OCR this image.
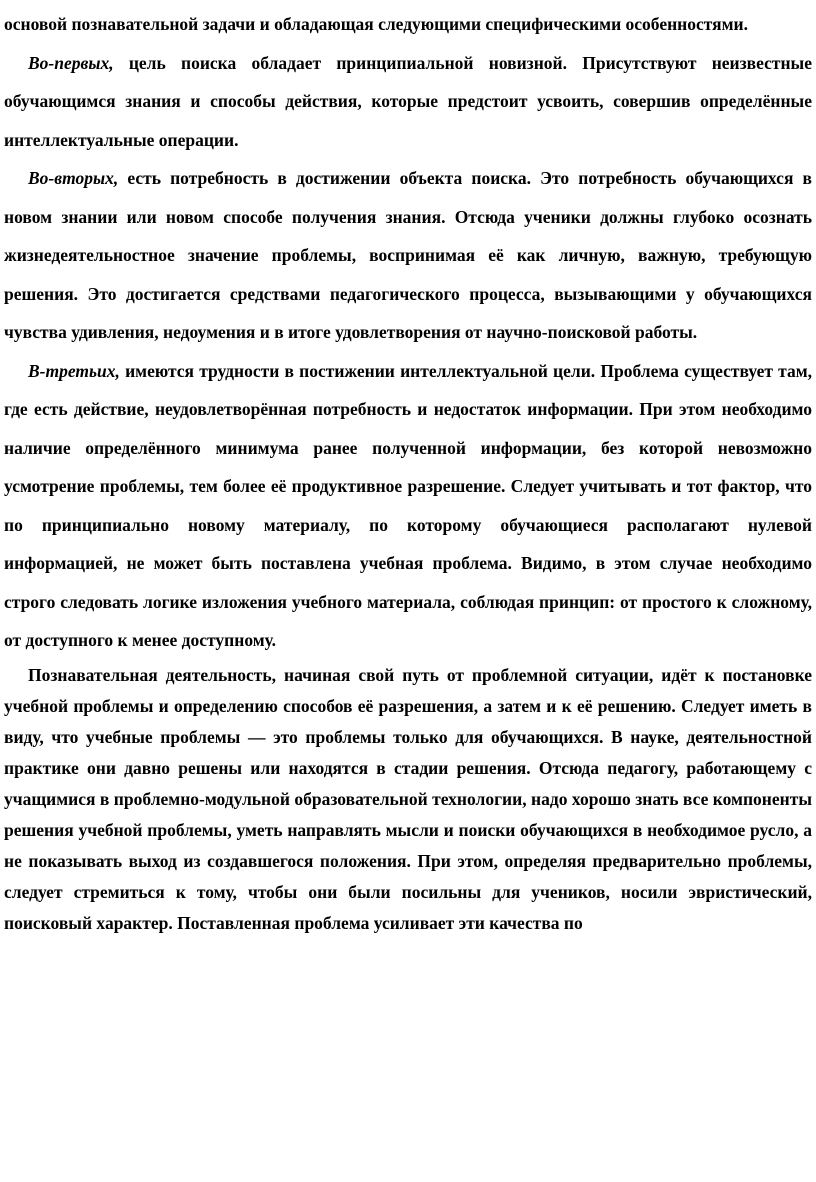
основой познавательной задачи и обладающая следующими специфическими особенностями.

Во-первых, цель поиска обладает принципиальной новизной. Присутствуют неизвестные обучающимся знания и способы действия, которые предстоит усвоить, совершив определённые интеллектуальные операции.

Во-вторых, есть потребность в достижении объекта поиска. Это потребность обучающихся в новом знании или новом способе получения знания. Отсюда ученики должны глубоко осознать жизнедеятельностное значение проблемы, воспринимая её как личную, важную, требующую решения. Это достигается средствами педагогического процесса, вызывающими у обучающихся чувства удивления, недоумения и в итоге удовлетворения от научно-поисковой работы.

В-третьих, имеются трудности в постижении интеллектуальной цели. Проблема существует там, где есть действие, неудовлетворённая потребность и недостаток информации. При этом необходимо наличие определённого минимума ранее полученной информации, без которой невозможно усмотрение проблемы, тем более её продуктивное разрешение. Следует учитывать и тот фактор, что по принципиально новому материалу, по которому обучающиеся располагают нулевой информацией, не может быть поставлена учебная проблема. Видимо, в этом случае необходимо строго следовать логике изложения учебного материала, соблюдая принцип: от простого к сложному, от доступного к менее доступному.

Познавательная деятельность, начиная свой путь от проблемной ситуации, идёт к постановке учебной проблемы и определению способов её разрешения, а затем и к её решению. Следует иметь в виду, что учебные проблемы — это проблемы только для обучающихся. В науке, деятельностной практике они давно решены или находятся в стадии решения. Отсюда педагогу, работающему с учащимися в проблемно-модульной образовательной технологии, надо хорошо знать все компоненты решения учебной проблемы, уметь направлять мысли и поиски обучающихся в необходимое русло, а не показывать выход из создавшегося положения. При этом, определяя предварительно проблемы, следует стремиться к тому, чтобы они были посильны для учеников, носили эвристический, поисковый характер. Поставленная проблема усиливает эти качества по
